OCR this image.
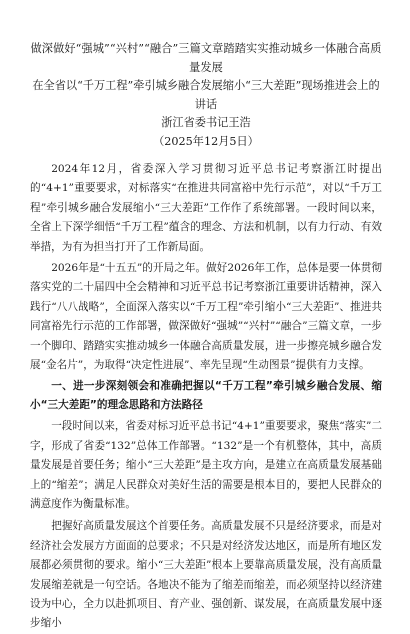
做深做好“强城”“兴村”“融合”三篇文章踏踏实实推动城乡一体融合高质量发展

在全省以“千万工程”牵引城乡融合发展缩小“三大差距”现场推进会上的讲话

浙江省委书记王浩

（2025年12月5日）

2024年12月，省委深入学习贯彻习近平总书记考察浙江时提出的“4+1”重要要求，对标落实“在推进共同富裕中先行示范”，对以“千万工程”牵引城乡融合发展缩小“三大差距”工作作了系统部署。一段时间以来，全省上下深学细悟“千万工程”蕴含的理念、方法和机制，以有力行动、有效举措，为有为担当打开了工作新局面。

2026年是“十五五”的开局之年。做好2026年工作，总体是要一体贯彻落实党的二十届四中全会精神和习近平总书记考察浙江重要讲话精神，深入践行“八八战略”，全面深入落实以“千万工程”牵引缩小“三大差距”、推进共同富裕先行示范的工作部署，做深做好“强城”“兴村”“融合”三篇文章，一步一个脚印、踏踏实实推动城乡一体融合高质量发展，进一步擦亮城乡融合发展“金名片”，为取得“决定性进展”、率先呈现“生动图景”提供有力支撑。

一、进一步深刻领会和准确把握以“千万工程”牵引城乡融合发展、缩小“三大差距”的理念思路和方法路径

一段时间以来，省委对标习近平总书记“4+1”重要要求，聚焦“落实”二字，形成了省委“132”总体工作部署。“132”是一个有机整体，其中，高质量发展是首要任务；缩小“三大差距”是主攻方向，是建立在高质量发展基础上的“缩差”；满足人民群众对美好生活的需要是根本目的，要把人民群众的满意度作为衡量标准。

把握好高质量发展这个首要任务。高质量发展不只是经济要求，而是对经济社会发展方方面面的总要求；不只是对经济发达地区，而是所有地区发展都必须贯彻的要求。缩小“三大差距”根本上要靠高质量发展，没有高质量发展缩差就是一句空话。各地决不能为了缩差而缩差，而必须坚持以经济建设为中心，全力以赴抓项目、育产业、强创新、谋发展，在高质量发展中逐步缩小
